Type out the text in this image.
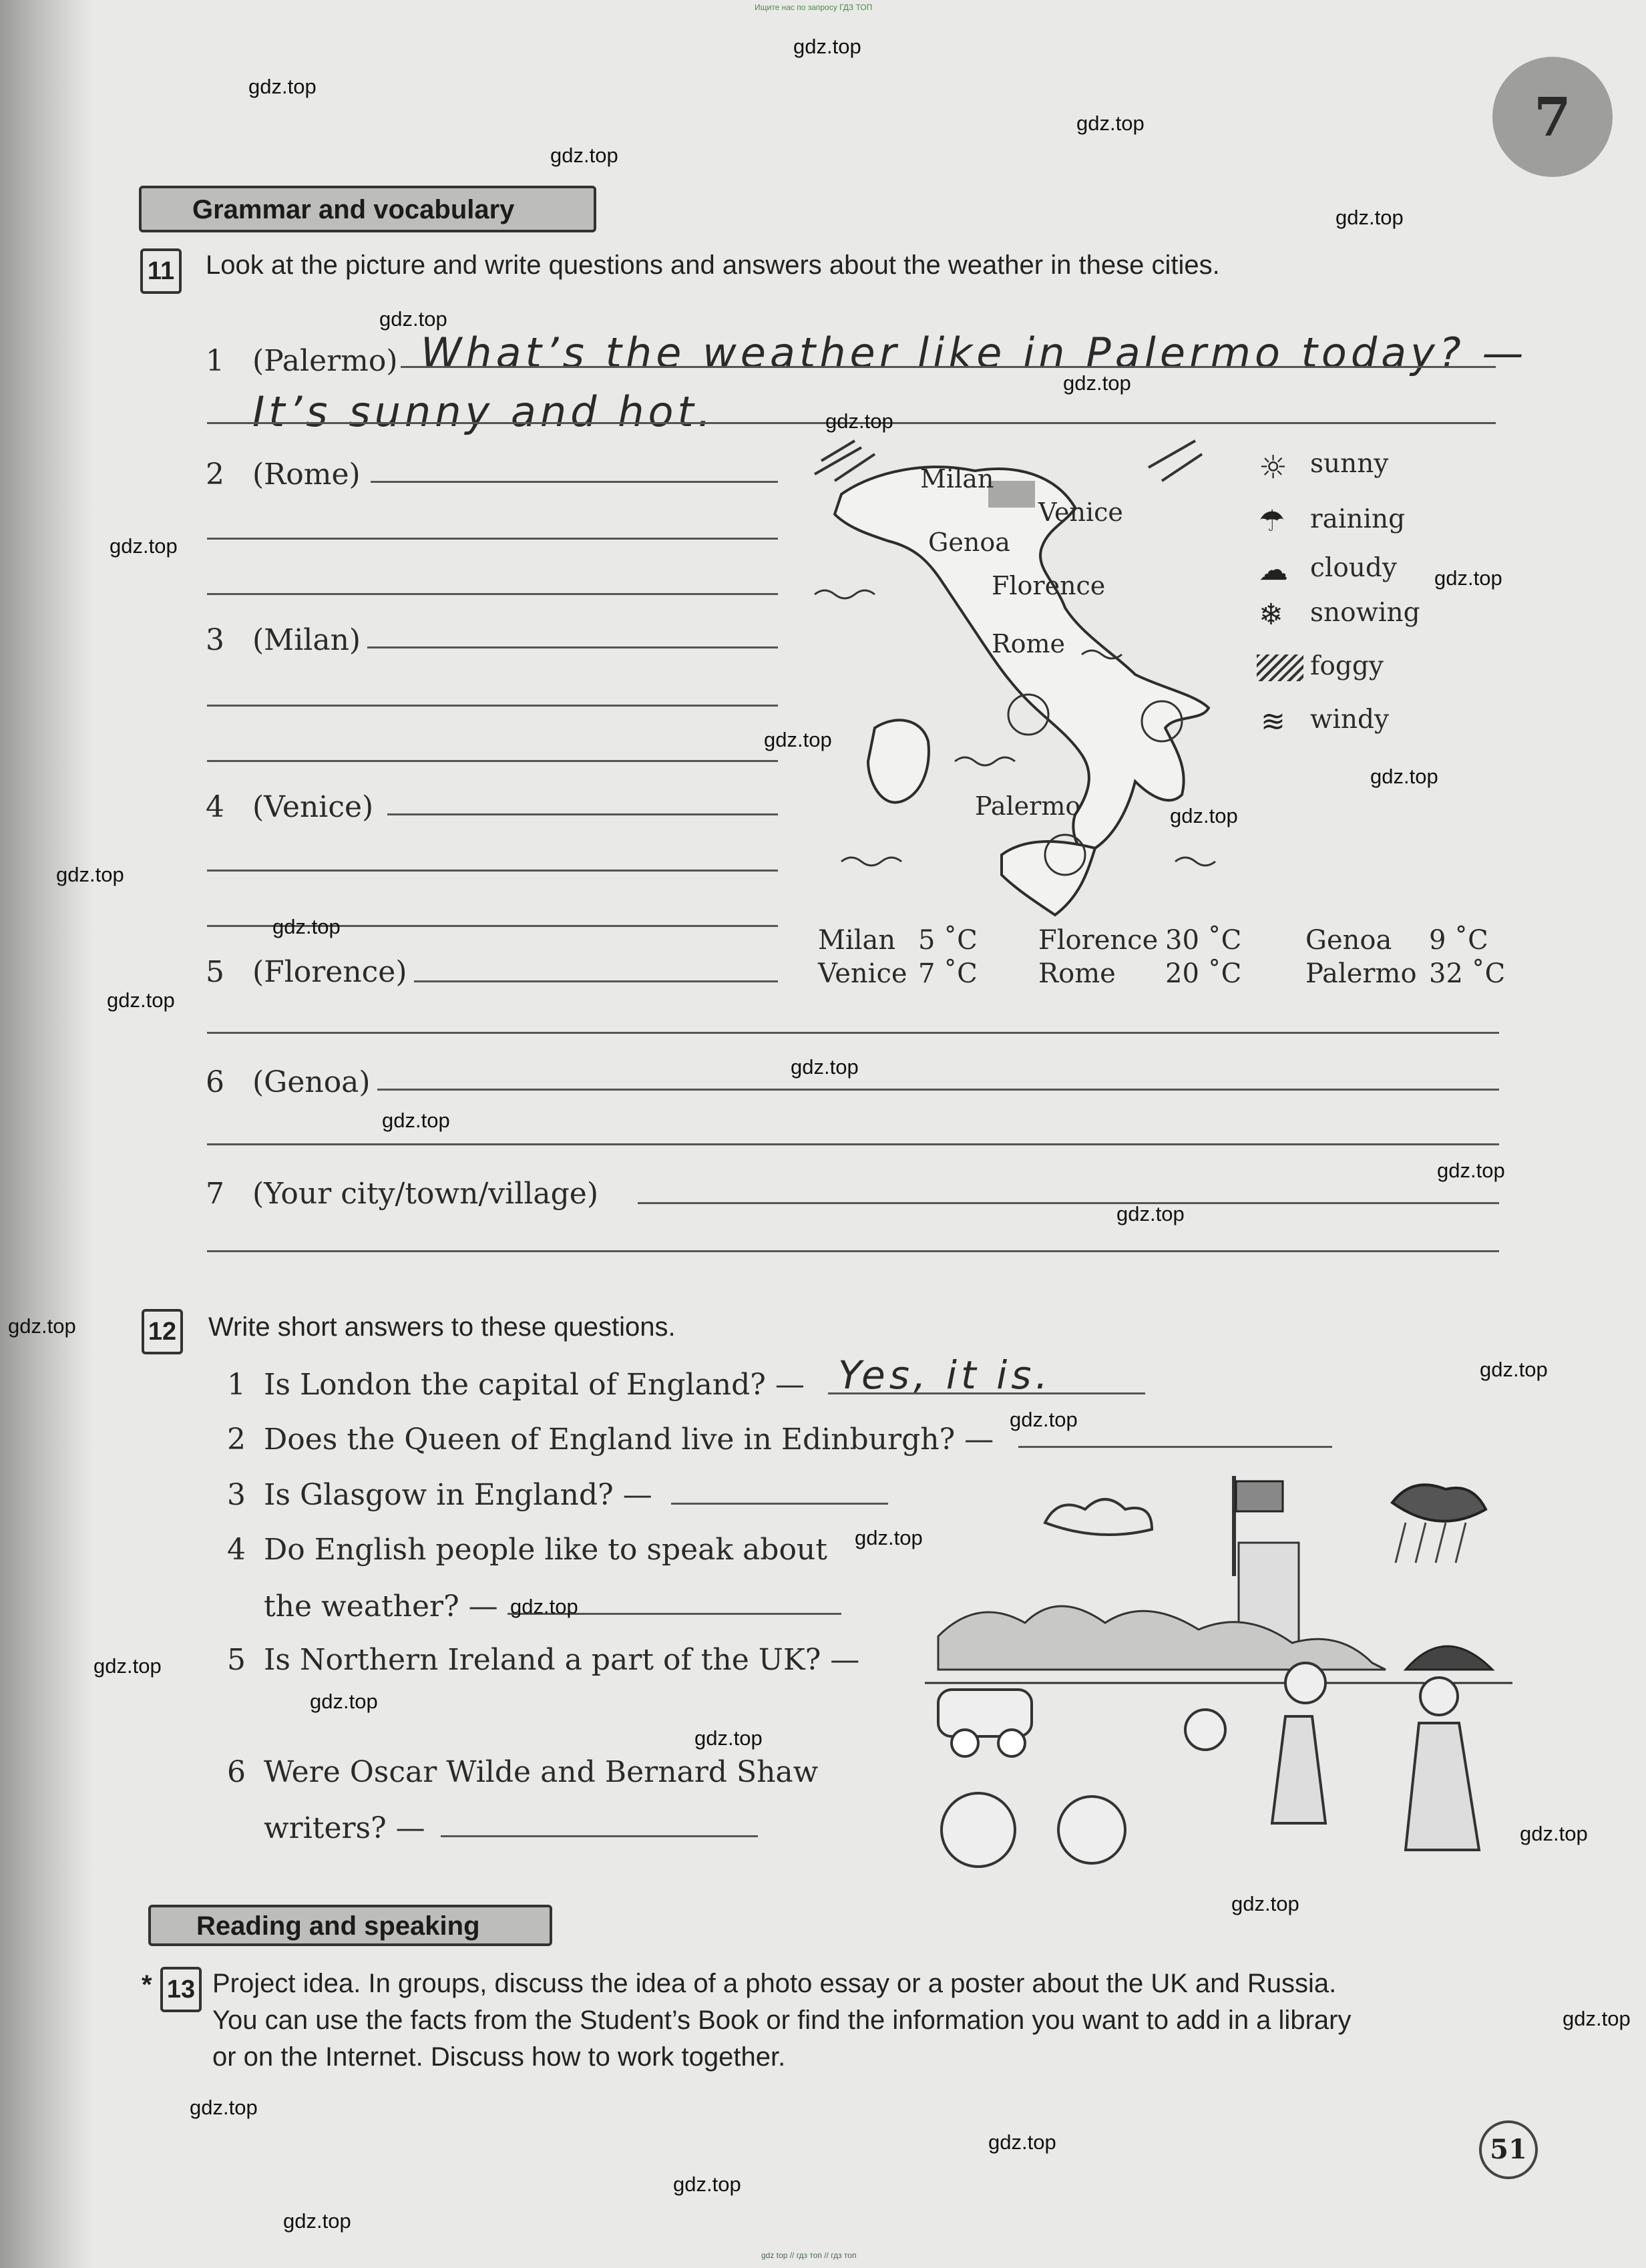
Ищите нас по запросу ГДЗ ТОП
7
Grammar and vocabulary
11 Look at the picture and write questions and answers about the weather in these cities.
1 (Palermo) What’s the weather like in Palermo today? —
It’s sunny and hot.
2 (Rome)
3 (Milan)
4 (Venice)
5 (Florence)
6 (Genoa)
7 (Your city/town/village)
Milan
Venice
Genoa
Florence
Rome
Palermo
☼ sunny
☂ raining
☁ cloudy
❄ snowing
foggy
≋ windy
Milan 5 ˚C
Venice 7 ˚C
Florence 30 ˚C
Rome 20 ˚C
Genoa 9 ˚C
Palermo 32 ˚C
12 Write short answers to these questions.
1 Is London the capital of England? — Yes, it is.
2 Does the Queen of England live in Edinburgh? —
3 Is Glasgow in England? —
4 Do English people like to speak about
the weather? —
5 Is Northern Ireland a part of the UK? —
6 Were Oscar Wilde and Bernard Shaw
writers? —
Reading and speaking
* 13 Project idea. In groups, discuss the idea of a photo essay or a poster about the UK and Russia.
You can use the facts from the Student’s Book or find the information you want to add in a library
or on the Internet. Discuss how to work together.
51
gdz top // гдз топ // гдз топ
gdz.top
gdz.top
gdz.top
gdz.top
gdz.top
gdz.top
gdz.top
gdz.top
gdz.top
gdz.top
gdz.top
gdz.top
gdz.top
gdz.top
gdz.top
gdz.top
gdz.top
gdz.top
gdz.top
gdz.top
gdz.top
gdz.top
gdz.top
gdz.top
gdz.top
gdz.top
gdz.top
gdz.top
gdz.top
gdz.top
gdz.top
gdz.top
gdz.top
gdz.top
gdz.top
